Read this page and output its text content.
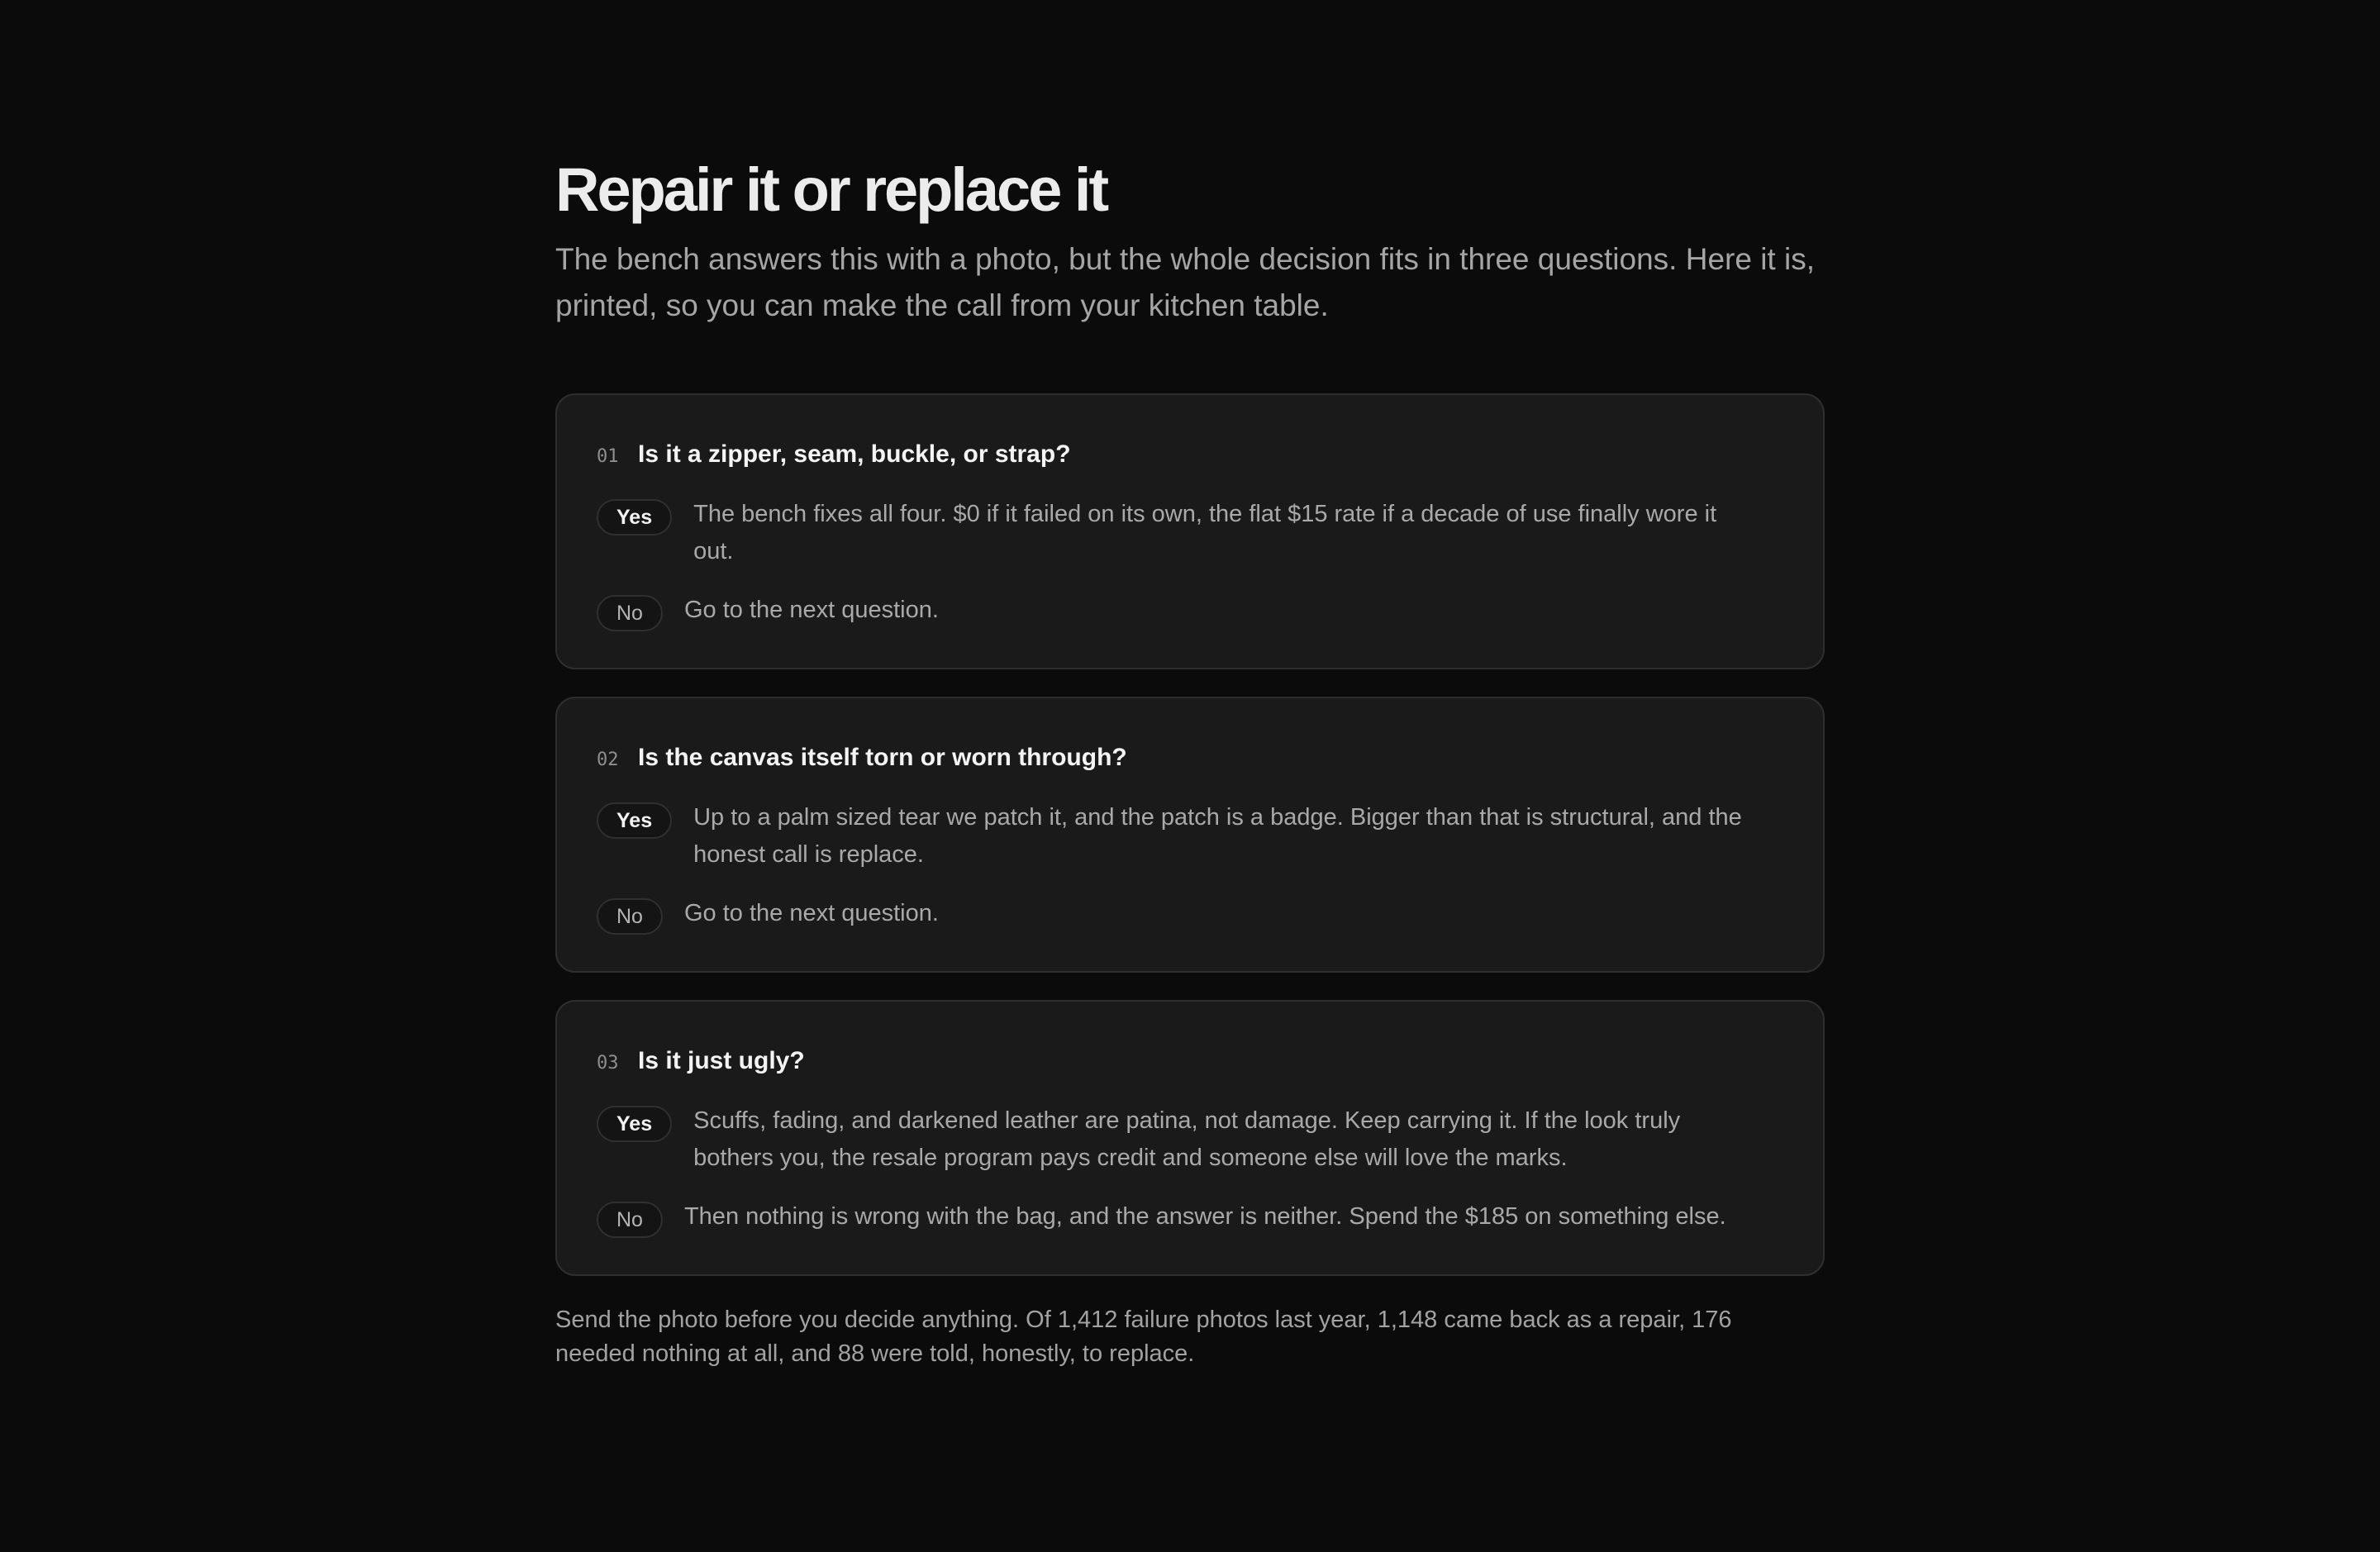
Repair it or replace it

The bench answers this with a photo, but the whole decision fits in three questions. Here it is, printed, so you can make the call from your kitchen table.

01 Is it a zipper, seam, buckle, or strap?
Yes	The bench fixes all four. $0 if it failed on its own, the flat $15 rate if a decade of use finally wore it out.
No	Go to the next question.
02 Is the canvas itself torn or worn through?
Yes	Up to a palm sized tear we patch it, and the patch is a badge. Bigger than that is structural, and the honest call is replace.
No	Go to the next question.
03 Is it just ugly?
Yes	Scuffs, fading, and darkened leather are patina, not damage. Keep carrying it. If the look truly bothers you, the resale program pays credit and someone else will love the marks.
No	Then nothing is wrong with the bag, and the answer is neither. Spend the $185 on something else.

Send the photo before you decide anything. Of 1,412 failure photos last year, 1,148 came back as a repair, 176 needed nothing at all, and 88 were told, honestly, to replace.
